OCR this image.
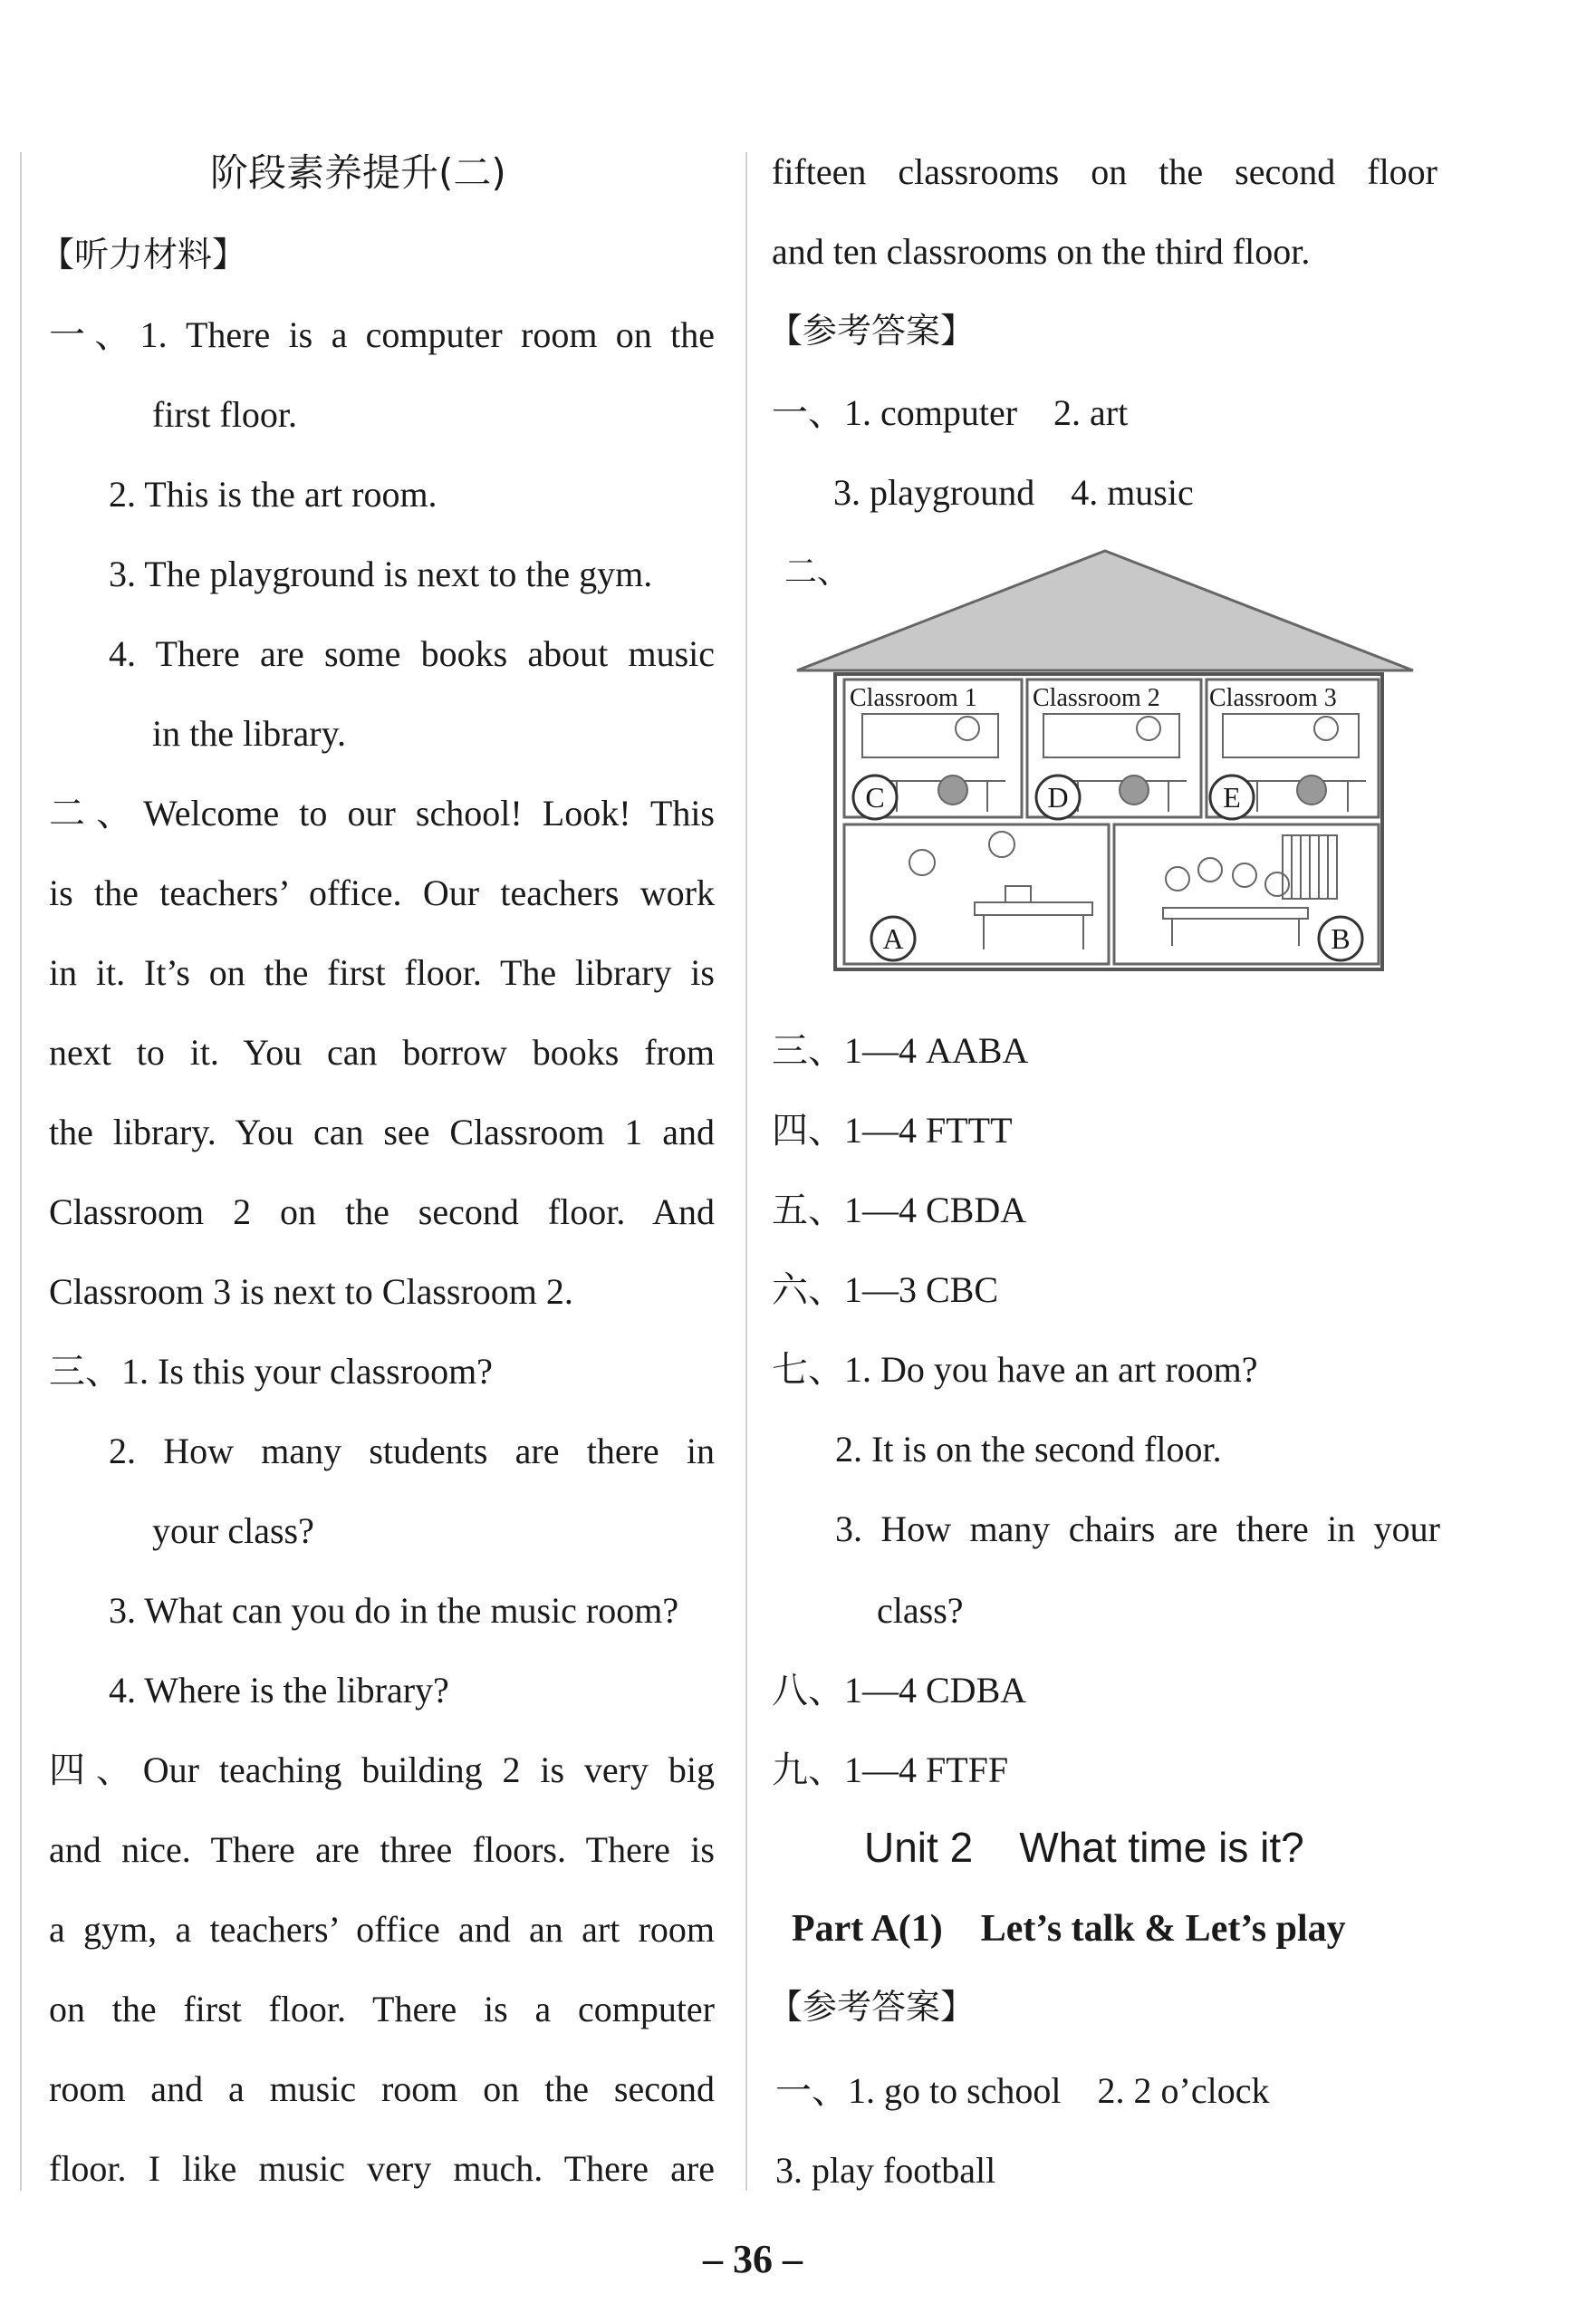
阶段素养提升(二)
【听力材料】
一、1. There is a computer room on the
first floor.
2. This is the art room.
3. The playground is next to the gym.
4. There are some books about music
in the library.
二、Welcome to our school! Look! This
is the teachers’ office. Our teachers work
in it. It’s on the first floor. The library is
next to it. You can borrow books from
the library. You can see Classroom 1 and
Classroom 2 on the second floor. And
Classroom 3 is next to Classroom 2.
三、1. Is this your classroom?
2. How many students are there in
your class?
3. What can you do in the music room?
4. Where is the library?
四、Our teaching building 2 is very big
and nice. There are three floors. There is
a gym, a teachers’ office and an art room
on the first floor. There is a computer
room and a music room on the second
floor. I like music very much. There are
fifteen classrooms on the second floor
and ten classrooms on the third floor.
【参考答案】
一、1. computer    2. art
3. playground    4. music
二、
Classroom 1 Classroom 2 Classroom 3
C	D	E
A	B
三、1—4 AABA
四、1—4 FTTT
五、1—4 CBDA
六、1—3 CBC
七、1. Do you have an art room?
2. It is on the second floor.
3. How many chairs are there in your
class?
八、1—4 CDBA
九、1—4 FTFF
Unit 2    What time is it?
Part A(1)    Let’s talk & Let’s play
【参考答案】
一、1. go to school    2. 2 o’clock
3. play football
– 36 –
